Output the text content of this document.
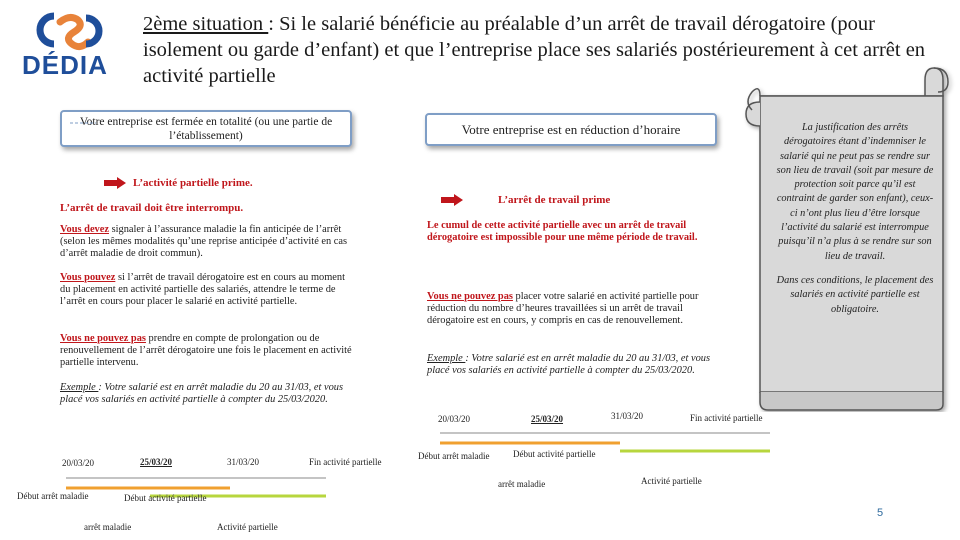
DÉDIA
2ème situation : Si le salarié bénéficie au préalable d’un arrêt de travail dérogatoire (pour isolement ou garde d’enfant) et que l’entreprise place ses salariés postérieurement à cet arrêt en activité partielle
Votre entreprise est fermée en totalité (ou une partie de l’établissement)
L’activité partielle prime.
L’arrêt de travail doit être interrompu.
Vous devez signaler à l’assurance maladie la fin anticipée de l’arrêt (selon les mêmes modalités qu’une reprise anticipée d’activité en cas d’arrêt maladie de droit commun).
Vous pouvez si l’arrêt de travail dérogatoire est en cours au moment du placement en activité partielle des salariés, attendre le terme de l’arrêt en cours pour placer le salarié en activité partielle.
Vous ne pouvez pas prendre en compte de prolongation ou de renouvellement de l’arrêt dérogatoire une fois le placement en activité partielle intervenu.
Exemple : Votre salarié est en arrêt maladie du 20 au 31/03, et vous placé vos salariés en activité partielle à compter du 25/03/2020.
20/03/20	25/03/20	31/03/20	Fin activité partielle
Début arrêt maladie	Début activité partielle
arrêt maladie	Activité partielle
Votre entreprise est en réduction d’horaire
L’arrêt de travail prime
Le cumul de cette activité partielle avec un arrêt de travail dérogatoire est impossible pour une même période de travail.
Vous ne pouvez pas placer votre salarié en activité partielle pour réduction du nombre d’heures travaillées si un arrêt de travail dérogatoire est en cours, y compris en cas de renouvellement.
Exemple : Votre salarié est en arrêt maladie du 20 au 31/03, et vous placé vos salariés en activité partielle à compter du 25/03/2020.
20/03/20	25/03/20	31/03/20	Fin activité partielle
Début arrêt maladie	Début activité partielle
arrêt maladie	Activité partielle

La justification des arrêts dérogatoires étant d’indemniser le salarié qui ne peut pas se rendre sur son lieu de travail (soit par mesure de protection soit parce qu’il est contraint de garder son enfant), ceux-ci n’ont plus lieu d’être lorsque l’activité du salarié est interrompue puisqu’il n’a plus à se rendre sur son lieu de travail.

Dans ces conditions, le placement des salariés en activité partielle est obligatoire.

5
